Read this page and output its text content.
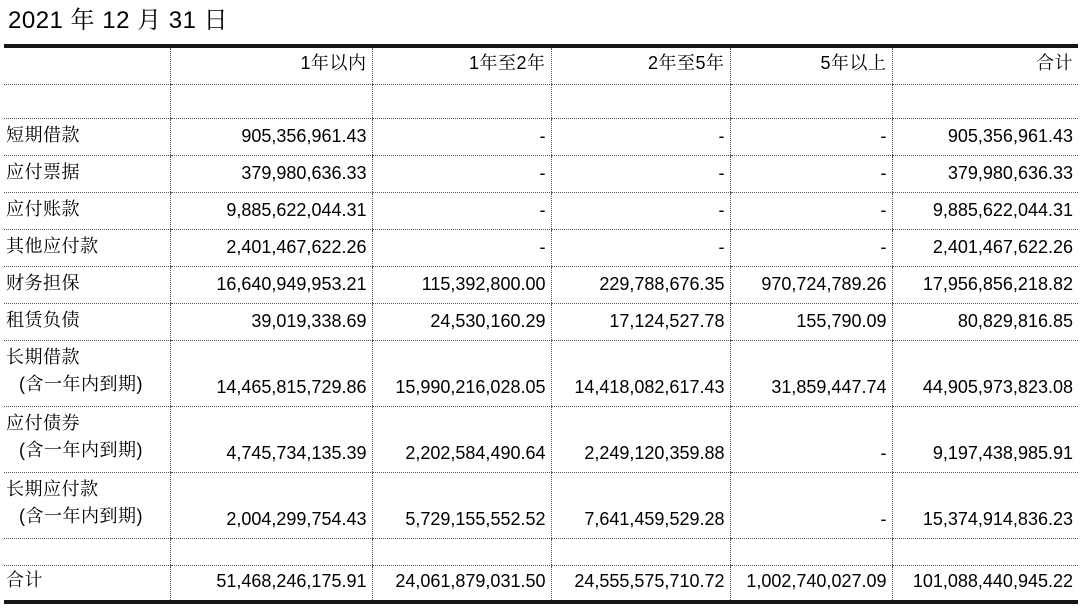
2021 年 12 月 31 日
	1年以内	1年至2年	2年至5年	5年以上	合计

短期借款	905,356,961.43	-	-	-	905,356,961.43
应付票据	379,980,636.33	-	-	-	379,980,636.33
应付账款	9,885,622,044.31	-	-	-	9,885,622,044.31
其他应付款	2,401,467,622.26	-	-	-	2,401,467,622.26
财务担保	16,640,949,953.21	115,392,800.00	229,788,676.35	970,724,789.26	17,956,856,218.82
租赁负债	39,019,338.69	24,530,160.29	17,124,527.78	155,790.09	80,829,816.85

长期借款
(含一年内到期)	14,465,815,729.86	15,990,216,028.05	14,418,082,617.43	31,859,447.74	44,905,973,823.08

应付债券
(含一年内到期)	4,745,734,135.39	2,202,584,490.64	2,249,120,359.88	-	9,197,438,985.91

长期应付款
(含一年内到期)	2,004,299,754.43	5,729,155,552.52	7,641,459,529.28	-	15,374,914,836.23

合计	51,468,246,175.91	24,061,879,031.50	24,555,575,710.72	1,002,740,027.09	101,088,440,945.22
